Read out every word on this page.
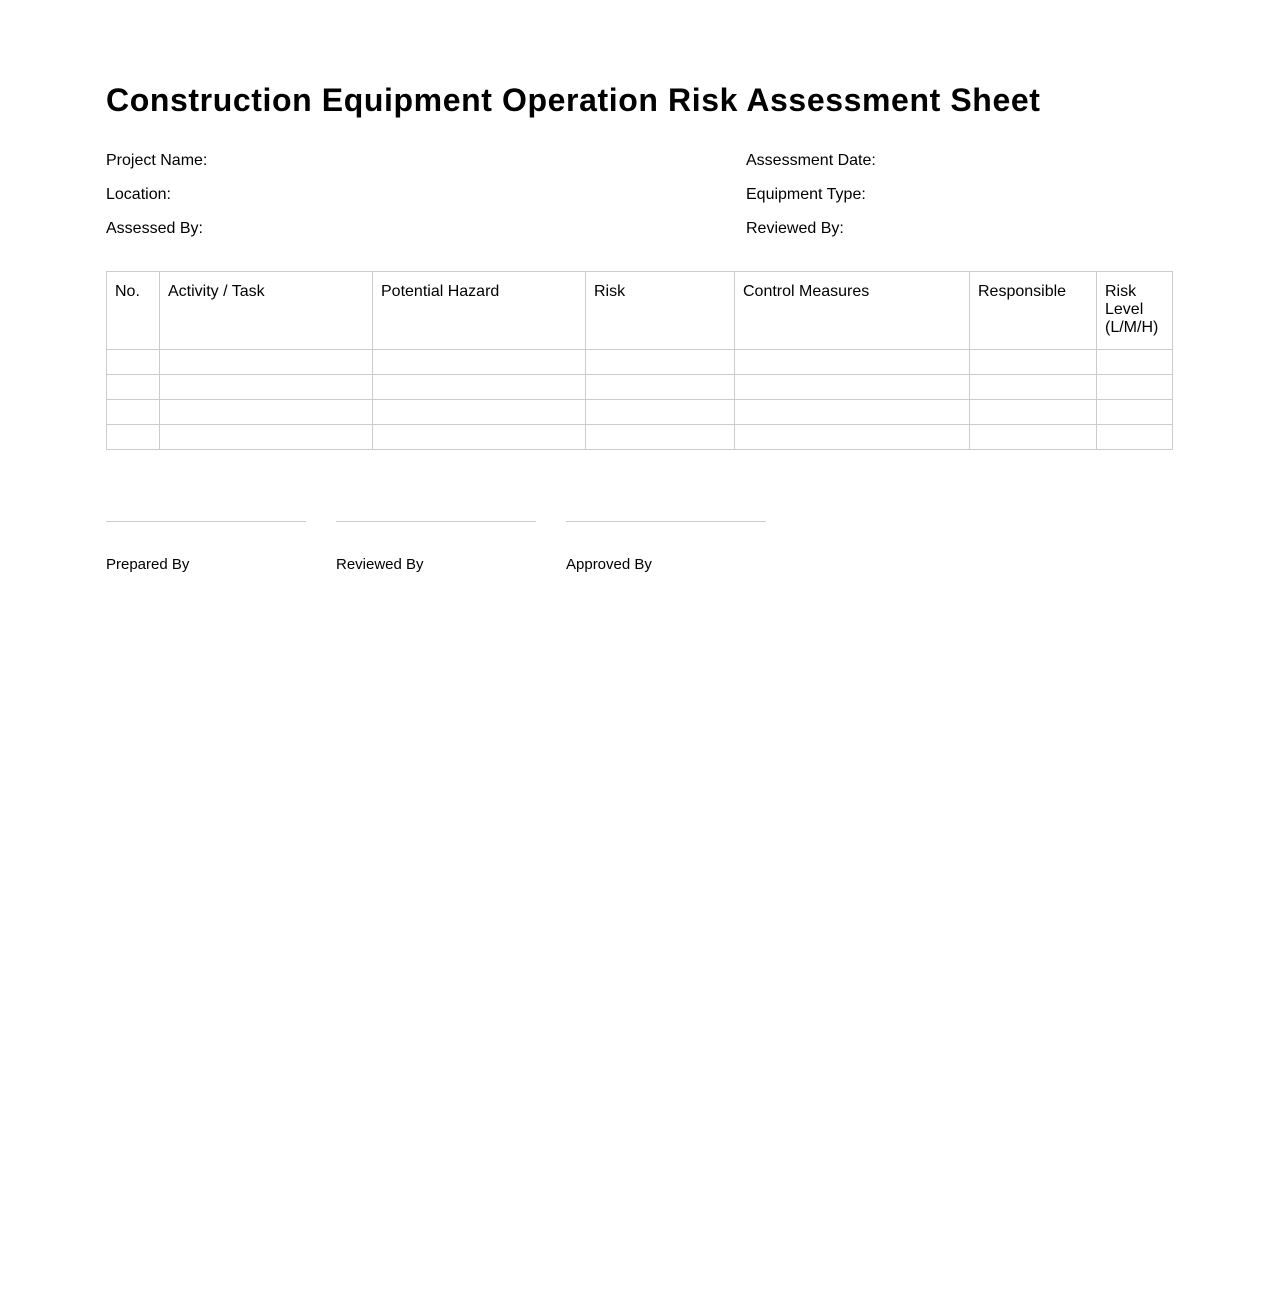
Construction Equipment Operation Risk Assessment Sheet
Project Name:
Location:
Assessed By:
Assessment Date:
Equipment Type:
Reviewed By:
No.	Activity / Task	Potential Hazard	Risk	Control Measures	Responsible	Risk Level (L/M/H)

Prepared By	Reviewed By	Approved By
